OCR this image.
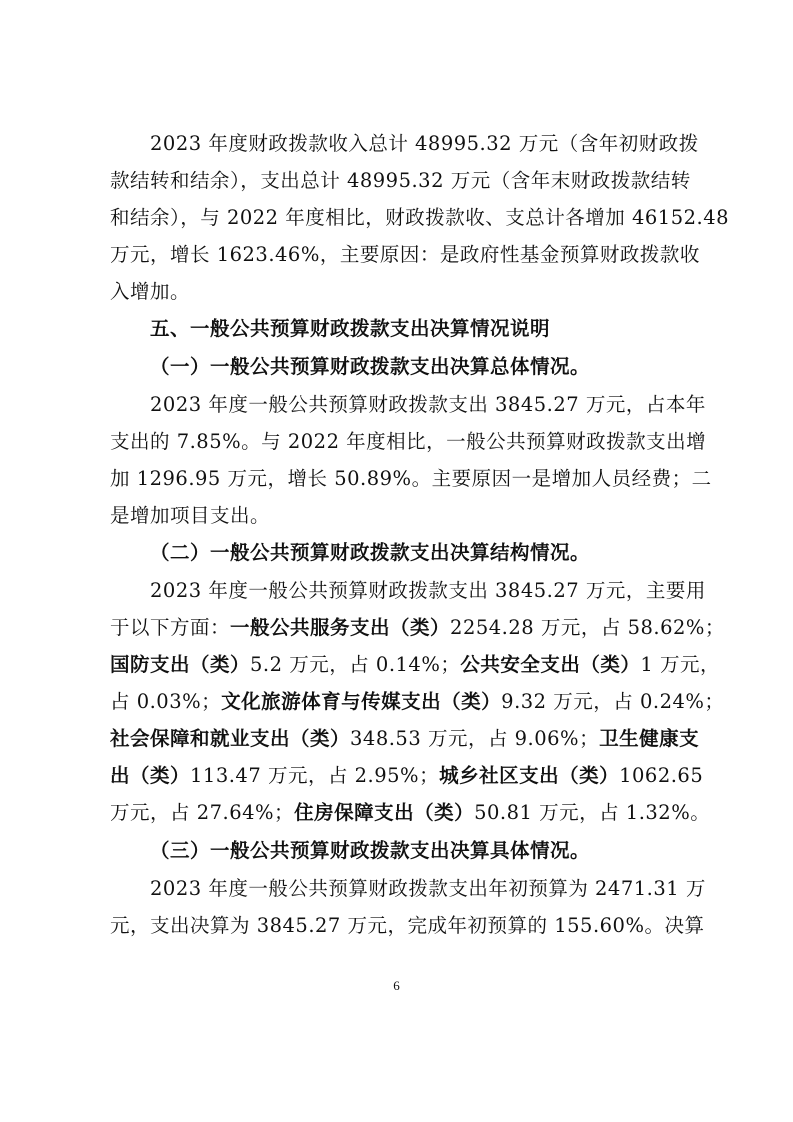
2023 年度财政拨款收入总计 48995.32 万元（含年初财政拨
款结转和结余），支出总计 48995.32 万元（含年末财政拨款结转
和结余），与 2022 年度相比，财政拨款收、支总计各增加 46152.48
万元，增长 1623.46%，主要原因：是政府性基金预算财政拨款收
入增加。
五、一般公共预算财政拨款支出决算情况说明
（一）一般公共预算财政拨款支出决算总体情况。
2023 年度一般公共预算财政拨款支出 3845.27 万元，占本年
支出的 7.85%。与 2022 年度相比，一般公共预算财政拨款支出增
加 1296.95 万元，增长 50.89%。主要原因一是增加人员经费；二
是增加项目支出。
（二）一般公共预算财政拨款支出决算结构情况。
2023 年度一般公共预算财政拨款支出 3845.27 万元，主要用
于以下方面：一般公共服务支出（类）2254.28 万元，占 58.62%；
国防支出（类）5.2 万元，占 0.14%；公共安全支出（类）1 万元，
占 0.03%；文化旅游体育与传媒支出（类）9.32 万元，占 0.24%；
社会保障和就业支出（类）348.53 万元，占 9.06%；卫生健康支
出（类）113.47 万元，占 2.95%；城乡社区支出（类）1062.65
万元，占 27.64%；住房保障支出（类）50.81 万元，占 1.32%。
（三）一般公共预算财政拨款支出决算具体情况。
2023 年度一般公共预算财政拨款支出年初预算为 2471.31 万
元，支出决算为 3845.27 万元，完成年初预算的 155.60%。决算
6
